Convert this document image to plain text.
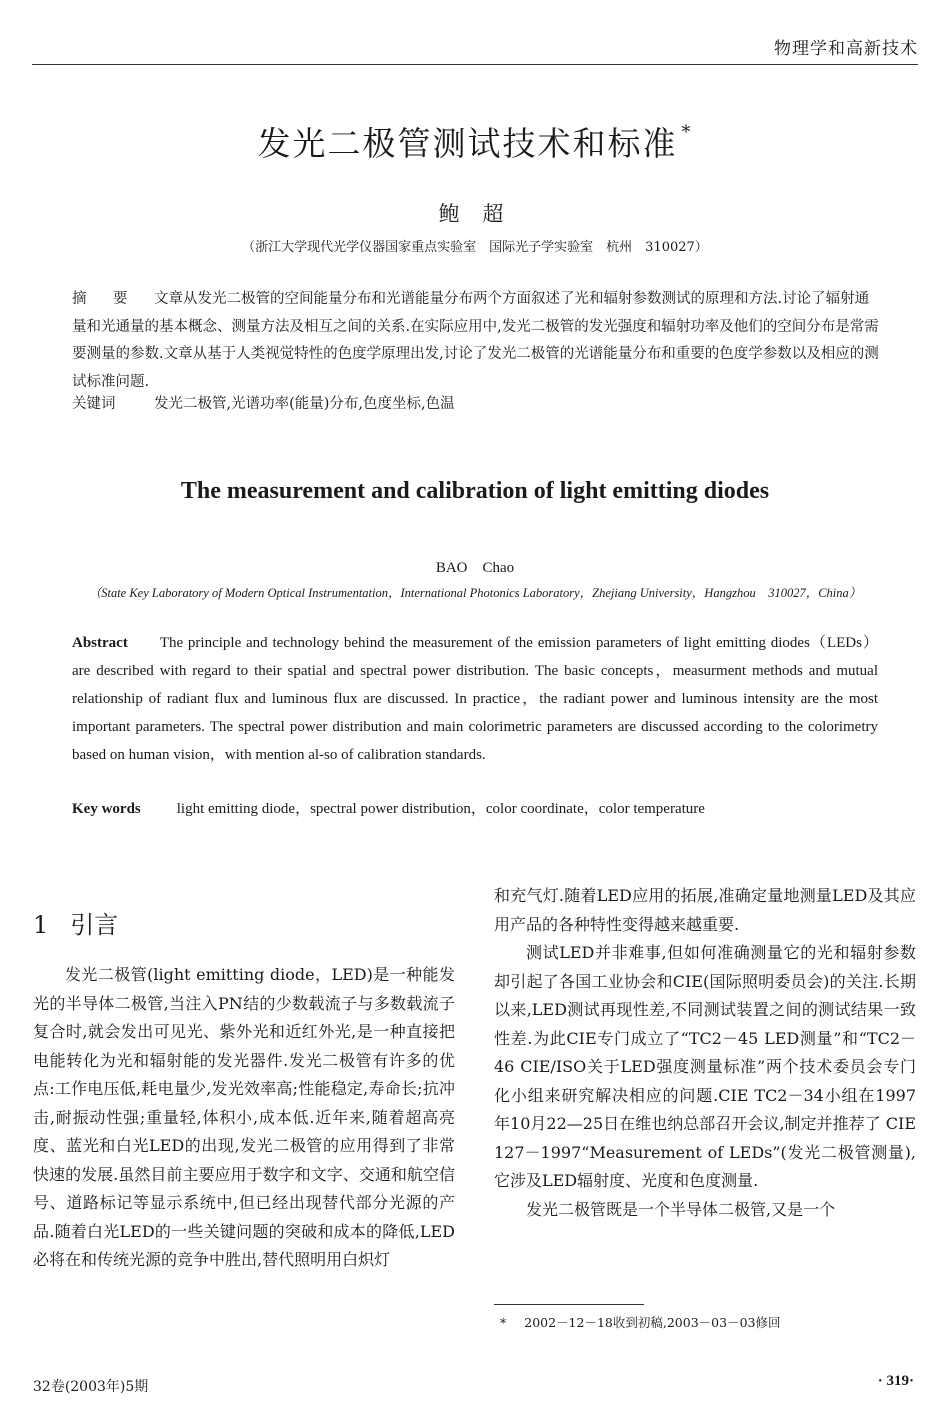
物理学和高新技术
发光二极管测试技术和标准 *
鲍 超
（浙江大学现代光学仪器国家重点实验室　国际光子学实验室　杭州　310027）
摘　要 文章从发光二极管的空间能量分布和光谱能量分布两个方面叙述了光和辐射参数测试的原理和方法.讨论了辐射通量和光通量的基本概念、测量方法及相互之间的关系.在实际应用中,发光二极管的发光强度和辐射功率及他们的空间分布是常需要测量的参数.文章从基于人类视觉特性的色度学原理出发,讨论了发光二极管的光谱能量分布和重要的色度学参数以及相应的测试标准问题.
关键词	发光二极管,光谱功率(能量)分布,色度坐标,色温
The measurement and calibration of light emitting diodes
BAO　Chao
（State Key Laboratory of Modern Optical Instrumentation，International Photonics Laboratory，Zhejiang University，Hangzhou　310027，China）
Abstract The principle and technology behind the measurement of the emission parameters of light emitting diodes（LEDs）are described with regard to their spatial and spectral power distribution. The basic concepts，measurment methods and mutual relationship of radiant flux and luminous flux are discussed. In practice，the radiant power and luminous intensity are the most important parameters. The spectral power distribution and main colorimetric parameters are discussed according to the colorimetry based on human vision，with mention al-so of calibration standards.
Key words light emitting diode，spectral power distribution，color coordinate，color temperature
1 引言

发光二极管(light emitting diode，LED)是一种能发光的半导体二极管,当注入PN结的少数载流子与多数载流子复合时,就会发出可见光、紫外光和近红外光,是一种直接把电能转化为光和辐射能的发光器件.发光二极管有许多的优点:工作电压低,耗电量少,发光效率高;性能稳定,寿命长;抗冲击,耐振动性强;重量轻,体积小,成本低.近年来,随着超高亮度、蓝光和白光LED的出现,发光二极管的应用得到了非常快速的发展.虽然目前主要应用于数字和文字、交通和航空信号、道路标记等显示系统中,但已经出现替代部分光源的产品.随着白光LED的一些关键问题的突破和成本的降低,LED必将在和传统光源的竞争中胜出,替代照明用白炽灯

和充气灯.随着LED应用的拓展,准确定量地测量LED及其应用产品的各种特性变得越来越重要.

测试LED并非难事,但如何准确测量它的光和辐射参数却引起了各国工业协会和CIE(国际照明委员会)的关注.长期以来,LED测试再现性差,不同测试装置之间的测试结果一致性差.为此CIE专门成立了“TC2－45 LED测量”和“TC2－46 CIE/ISO关于LED强度测量标准”两个技术委员会专门化小组来研究解决相应的问题.CIE TC2－34小组在1997年10月22—25日在维也纳总部召开会议,制定并推荐了 CIE 127－1997“Measurement of LEDs”(发光二极管测量),它涉及LED辐射度、光度和色度测量.

发光二极管既是一个半导体二极管,又是一个

* 2002－12－18收到初稿,2003－03－03修回
32卷(2003年)5期	· 319·
